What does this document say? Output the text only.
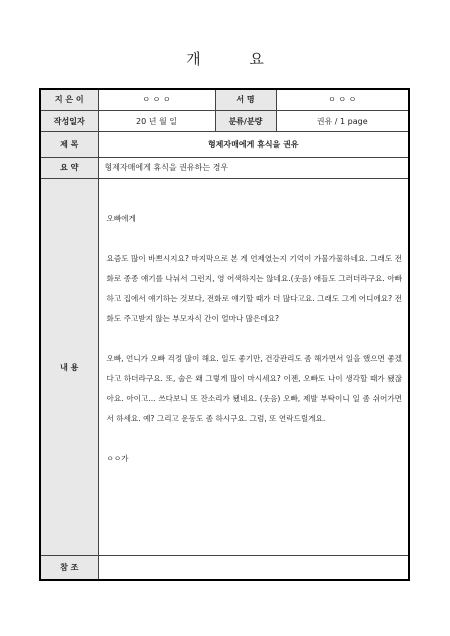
개 요
지 은 이	ㅇ ㅇ ㅇ	서 명	ㅇ ㅇ ㅇ
작성일자	20 년 월 일	분류/분량	권유 / 1 page
제 목	형제자매에게 휴식을 권유		
요 약	형제자매에게 휴식을 권유하는 경우		
내 용	오빠에게

요즘도 많이 바쁘시지요? 마지막으로 본 게 언제였는지 기억이 가물가물하네요. 그래도 전화로 종종 얘기를 나눠서 그런지, 영 어색하지는 않네요.(웃음) 애들도 그러더라구요. 아빠하고 집에서 얘기하는 것보다, 전화로 얘기할 때가 더 많다고요. 그래도 그게 어디에요? 전화도 주고받지 않는 부모자식 간이 얼마나 많은데요?

오빠, 언니가 오빠 걱정 많이 해요. 일도 좋기만, 건강관리도 좀 해가면서 일을 했으면 좋겠다고 하더라구요. 또, 술은 왜 그렇게 많이 마시세요? 이젠, 오빠도 나이 생각할 때가 됐잖아요. 아이고... 쓰다보니 또 잔소리가 됐네요. (웃음) 오빠, 제발 부탁이니 일 좀 쉬어가면서 하세요. 예? 그리고 운동도 좀 하시구요. 그럼, 또 연락드릴게요.

ㅇㅇ가		

참 조			
